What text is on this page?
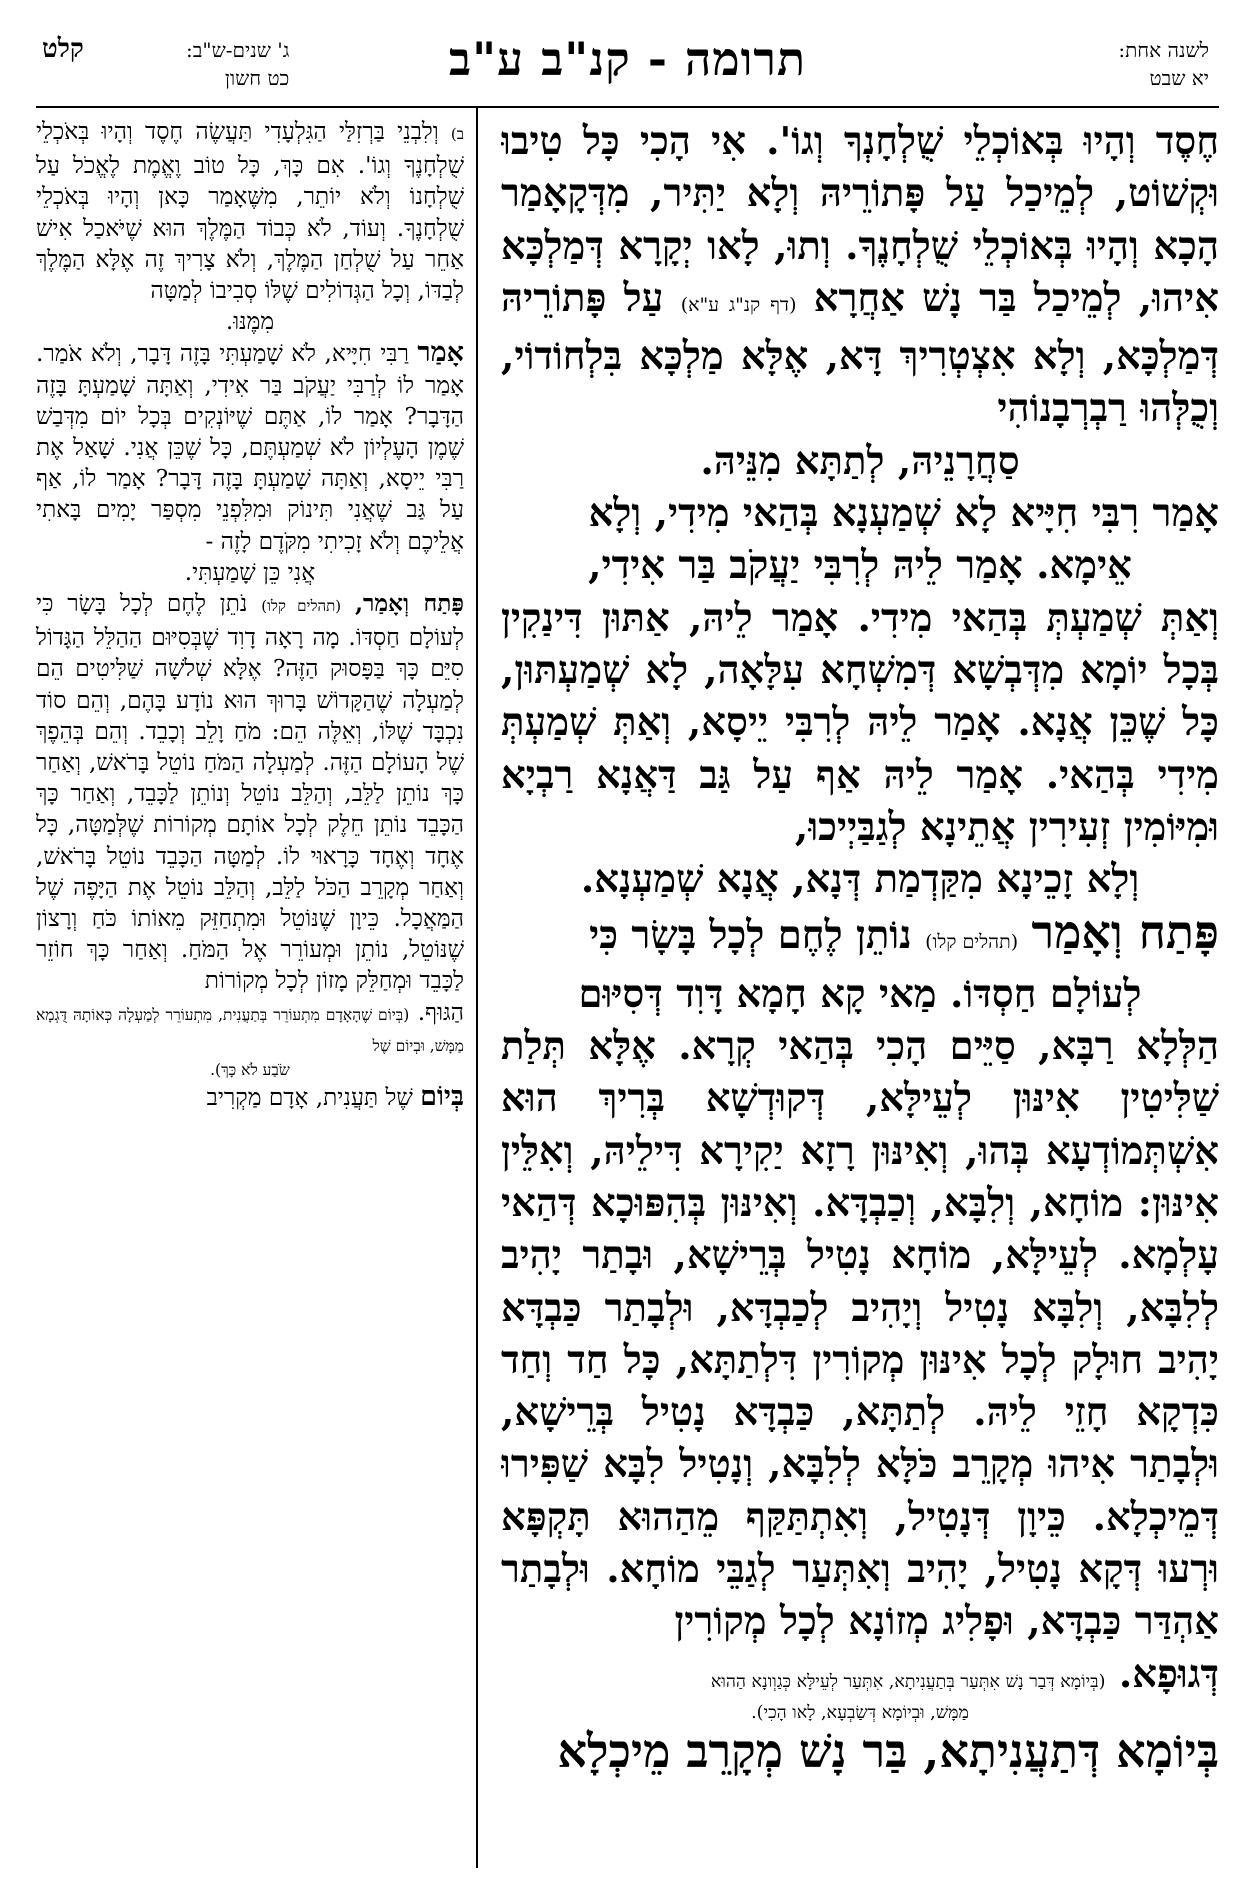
לשנה אחת:
יא שבט
תרומה - קנ"ב ע"ב
ג' שנים-ש"ב:
כט חשון
קלט

חֶסֶד וְהָיוּ בְּאוֹכְלֵי שֻׁלְחָנְךָ וְגוֹ'. אִי הָכִי כָּל טִיבוּ וּקְשׁוֹט, לְמֵיכַל עַל פָּתוֹרֵיהּ וְלָא יַתִּיר, מִדְּקָאָמַר הָכָא וְהָיוּ בְּאוֹכְלֵי שֻׁלְחָנֶךָ. וְתוּ, לָאו יְקָרָא דְּמַלְכָּא אִיהוּ, לְמֵיכַל בַּר נָשׁ אַחֲרָא (דף קנ"ג ע"א) עַל פָּתוֹרֵיהּ דְּמַלְכָּא, וְלָא אִצְטְרִיךְ דָּא, אֶלָּא מַלְכָּא בִּלְחוֹדוֹי, וְכֻלְּהוּ רַבְרְבָנוֹהִי

סַחֲרָנֵיהּ, לְתַתָּא מִנֵּיהּ.

אָמַר רִבִּי חִיָּיא לָא שְׁמַעְנָא בְּהַאי מִידִי, וְלָא

אֵימָא. אָמַר לֵיהּ לְרִבִּי יַעֲקֹב בַּר אִידִי,

וְאַתְּ שְׁמַעְתְּ בְּהַאי מִידִי. אָמַר לֵיהּ, אַתּוּן דִּינַקִין בְּכָל יוֹמָא מִדְּבְשָׁא דְּמִשְׁחָא עִלָּאָה, לָא שְׁמַעְתּוּן, כָּל שֶׁכֵּן אֲנָא. אָמַר לֵיהּ לְרִבִּי יֵיסָא, וְאַתְּ שְׁמַעְתְּ מִידִי בְּהַאי. אָמַר לֵיהּ אַף עַל גַּב דַּאֲנָא רַבְיָא וּמִיּוֹמִין זְעִירִין אֲתֵינָא לְגַבַּיְיכוּ,

וְלָא זָכֵינָא מִקַּדְמַת דְּנָא, אֲנָא שְׁמַעְנָא.

פָּתַח וְאָמַר (תהלים קלו) נוֹתֵן לֶחֶם לְכָל בָּשָׂר כִּי

לְעוֹלָם חַסְדּוֹ. מַאי קָא חָמָא דָּוִד דְּסִיּוּם

הַלְּלָא רַבָּא, סַיֵּים הָכִי בְּהַאי קְרָא. אֶלָּא תְּלַת שַׁלִּיטִין אִינּוּן לְעֵילָּא, דְּקוּדְשָׁא בְּרִיךְ הוּא אִשְׁתְּמוֹדְעָא בְּהוּ, וְאִינּוּן רָזָא יַקִירָא דִּילֵיהּ, וְאִלֵּין אִינּוּן: מוֹחָא, וְלִבָּא, וְכַבְדָּא. וְאִינּוּן בְּהִפּוּכָא דְּהַאי עָלְמָא. לְעֵילָּא, מוֹחָא נָטִיל בְּרֵישָׁא, וּבָתַר יָהִיב לְלִבָּא, וְלִבָּא נָטִיל וְיָהִיב לְכַבְדָּא, וּלְבָתַר כַּבְדָּא יָהִיב חוּלָק לְכָל אִינּוּן מְקוֹרִין דִּלְתַתָּא, כָּל חַד וְחַד כִּדְקָא חָזֵי לֵיהּ. לְתַתָּא, כַּבְדָּא נָטִיל בְּרֵישָׁא, וּלְבָתַר אִיהוּ מְקָרֵב כֹּלָּא לְלִבָּא, וְנָטִיל לִבָּא שַׁפִּירוּ דְּמֵיכְלָא. כֵּיוָן דְּנָטִיל, וְאִתְתַּקַּף מֵהַהוּא תָּקְפָּא וּרְעוּ דְּקָא נָטִיל, יָהִיב וְאִתְּעַר לְגַבֵּי מוֹחָא. וּלְבָתַר אַהְדַּר כַּבְדָּא, וּפָלִיג מְזוֹנָא לְכָל מְקוֹרִין

דְּגוּפָא. (בְּיוֹמָא דְּבַר נָשׁ אִתְּעַר בְּתַעֲנִיתָא, אִתְּעַר לְעֵילָּא כְּגַוְונָא הַהוּא

מַמָּשׁ, וּבְיוֹמָא דְּשַׂבְעָא, לָאו הָכִי).

בְּיוֹמָא דְּתַעֲנִיתָא, בַּר נָשׁ מְקָרֵב מֵיכְלָא

ב) וְלִבְנֵי בַּרְזִלַּי הַגִּלְעָדִי תַּעֲשֶׂה חֶסֶד וְהָיוּ בְּאֹכְלֵי שֻׁלְחָנֶךָ וְגוֹ'. אִם כָּךְ, כָּל טוֹב וֶאֱמֶת לֶאֱכֹל עַל שֻׁלְחָנוֹ וְלֹא יוֹתֵר, מִשֶּׁאָמַר כָּאן וְהָיוּ בְּאֹכְלֵי שֻׁלְחָנֶךָ. וְעוֹד, לֹא כְּבוֹד הַמֶּלֶךְ הוּא שֶׁיֹּאכַל אִישׁ אַחֵר עַל שֻׁלְחַן הַמֶּלֶךְ, וְלֹא צָרִיךְ זֶה אֶלָּא הַמֶּלֶךְ לְבַדּוֹ, וְכָל הַגְּדוֹלִים שֶׁלּוֹ סְבִיבוֹ לְמַטָּה

מִמֶּנּוּ.

אָמַר רַבִּי חִיָּיא, לֹא שָׁמַעְתִּי בָּזֶה דָּבָר, וְלֹא אֹמַר. אָמַר לוֹ לְרַבִּי יַעֲקֹב בַּר אִידִי, וְאַתָּה שָׁמַעְתָּ בָּזֶה הַדָּבָר? אָמַר לוֹ, אַתֶּם שֶׁיּוֹנְקִים בְּכָל יוֹם מִדְּבַשׁ שֶׁמֶן הָעֶלְיוֹן לֹא שְׁמַעְתֶּם, כָּל שֶׁכֵּן אֲנִי. שָׁאַל אֶת רַבִּי יֵיסָא, וְאַתָּה שָׁמַעְתָּ בָּזֶה דָּבָר? אָמַר לוֹ, אַף עַל גַּב שֶׁאֲנִי תִּינוֹק וּמִלִּפְנֵי מִסְפַּר יָמִים בָּאתִי אֲלֵיכֶם וְלֹא זָכִיתִי מִקֹּדֶם לָזֶה -

אֲנִי כֵּן שָׁמַעְתִּי.

פָּתַח וְאָמַר, (תהלים קלו) נֹתֵן לֶחֶם לְכָל בָּשָׂר כִּי לְעוֹלָם חַסְדּוֹ. מָה רָאָה דָוִד שֶׁבְּסִיּוּם הַהַלֵּל הַגָּדוֹל סִיֵּם כָּךְ בַּפָּסוּק הַזֶּה? אֶלָּא שְׁלֹשָׁה שַׁלִּיטִים הֵם לְמַעְלָה שֶׁהַקָּדוֹשׁ בָּרוּךְ הוּא נוֹדָע בָּהֶם, וְהֵם סוֹד נִכְבָּד שֶׁלּוֹ, וְאֵלֶּה הֵם: מֹחַ וָלֵב וְכָבֵד. וְהֵם בְּהֵפֶךְ שֶׁל הָעוֹלָם הַזֶּה. לְמַעְלָה הַמֹּחַ נוֹטֵל בָּרֹאשׁ, וְאַחַר כָּךְ נוֹתֵן לַלֵּב, וְהַלֵּב נוֹטֵל וְנוֹתֵן לַכָּבֵד, וְאַחַר כָּךְ הַכָּבֵד נוֹתֵן חֵלֶק לְכָל אוֹתָם מְקוֹרוֹת שֶׁלְּמַטָּה, כָּל אֶחָד וְאֶחָד כָּרָאוּי לוֹ. לְמַטָּה הַכָּבֵד נוֹטֵל בָּרֹאשׁ, וְאַחַר מְקָרֵב הַכֹּל לַלֵּב, וְהַלֵּב נוֹטֵל אֶת הַיָּפֶה שֶׁל הַמַּאֲכָל. כֵּיוָן שֶׁנּוֹטֵל וּמִתְחַזֵּק מֵאוֹתוֹ כֹּחַ וְרָצוֹן שֶׁנּוֹטֵל, נוֹתֵן וּמְעוֹרֵר אֶל הַמֹּחַ. וְאַחַר כָּךְ חוֹזֵר לַכָּבֵד וּמְחַלֵּק מָזוֹן לְכָל מְקוֹרוֹת

הַגּוּף. (בְּיוֹם שֶׁהָאָדָם מִתְעוֹרֵר בְּתַעֲנִית, מִתְעוֹרֵר לְמַעְלָה כְּאוֹתָהּ דֻּגְמָא מַמָּשׁ, וּבְיוֹם שֶׁל

שֹׂבַע לֹא כָּךְ).

בְּיוֹם שֶׁל תַּעֲנִית, אָדָם מַקְרִיב
